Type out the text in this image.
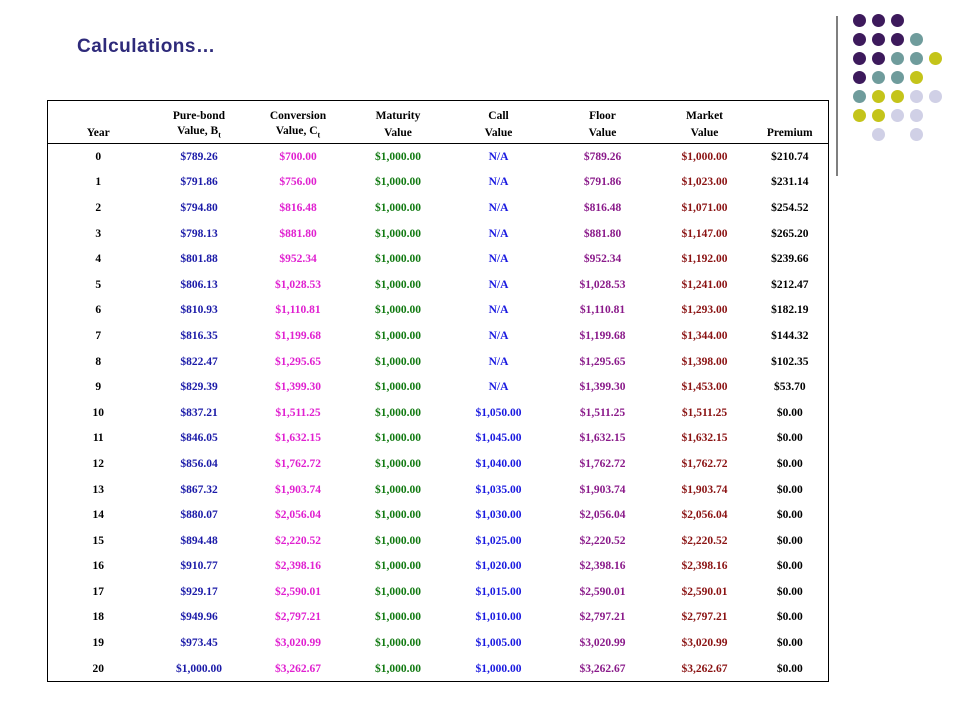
Calculations…
	Pure-bond	Conversion	Maturity	Call	Floor	Market	
Year	Value, $B_t$	Value, $C_t$	Value	Value	Value	Value	Premium
0	$789.26	$700.00	$1,000.00	N/A	$789.26	$1,000.00	$210.74
1	$791.86	$756.00	$1,000.00	N/A	$791.86	$1,023.00	$231.14
2	$794.80	$816.48	$1,000.00	N/A	$816.48	$1,071.00	$254.52
3	$798.13	$881.80	$1,000.00	N/A	$881.80	$1,147.00	$265.20
4	$801.88	$952.34	$1,000.00	N/A	$952.34	$1,192.00	$239.66
5	$806.13	$1,028.53	$1,000.00	N/A	$1,028.53	$1,241.00	$212.47
6	$810.93	$1,110.81	$1,000.00	N/A	$1,110.81	$1,293.00	$182.19
7	$816.35	$1,199.68	$1,000.00	N/A	$1,199.68	$1,344.00	$144.32
8	$822.47	$1,295.65	$1,000.00	N/A	$1,295.65	$1,398.00	$102.35
9	$829.39	$1,399.30	$1,000.00	N/A	$1,399.30	$1,453.00	$53.70
10	$837.21	$1,511.25	$1,000.00	$1,050.00	$1,511.25	$1,511.25	$0.00
11	$846.05	$1,632.15	$1,000.00	$1,045.00	$1,632.15	$1,632.15	$0.00
12	$856.04	$1,762.72	$1,000.00	$1,040.00	$1,762.72	$1,762.72	$0.00
13	$867.32	$1,903.74	$1,000.00	$1,035.00	$1,903.74	$1,903.74	$0.00
14	$880.07	$2,056.04	$1,000.00	$1,030.00	$2,056.04	$2,056.04	$0.00
15	$894.48	$2,220.52	$1,000.00	$1,025.00	$2,220.52	$2,220.52	$0.00
16	$910.77	$2,398.16	$1,000.00	$1,020.00	$2,398.16	$2,398.16	$0.00
17	$929.17	$2,590.01	$1,000.00	$1,015.00	$2,590.01	$2,590.01	$0.00
18	$949.96	$2,797.21	$1,000.00	$1,010.00	$2,797.21	$2,797.21	$0.00
19	$973.45	$3,020.99	$1,000.00	$1,005.00	$3,020.99	$3,020.99	$0.00
20	$1,000.00	$3,262.67	$1,000.00	$1,000.00	$3,262.67	$3,262.67	$0.00
